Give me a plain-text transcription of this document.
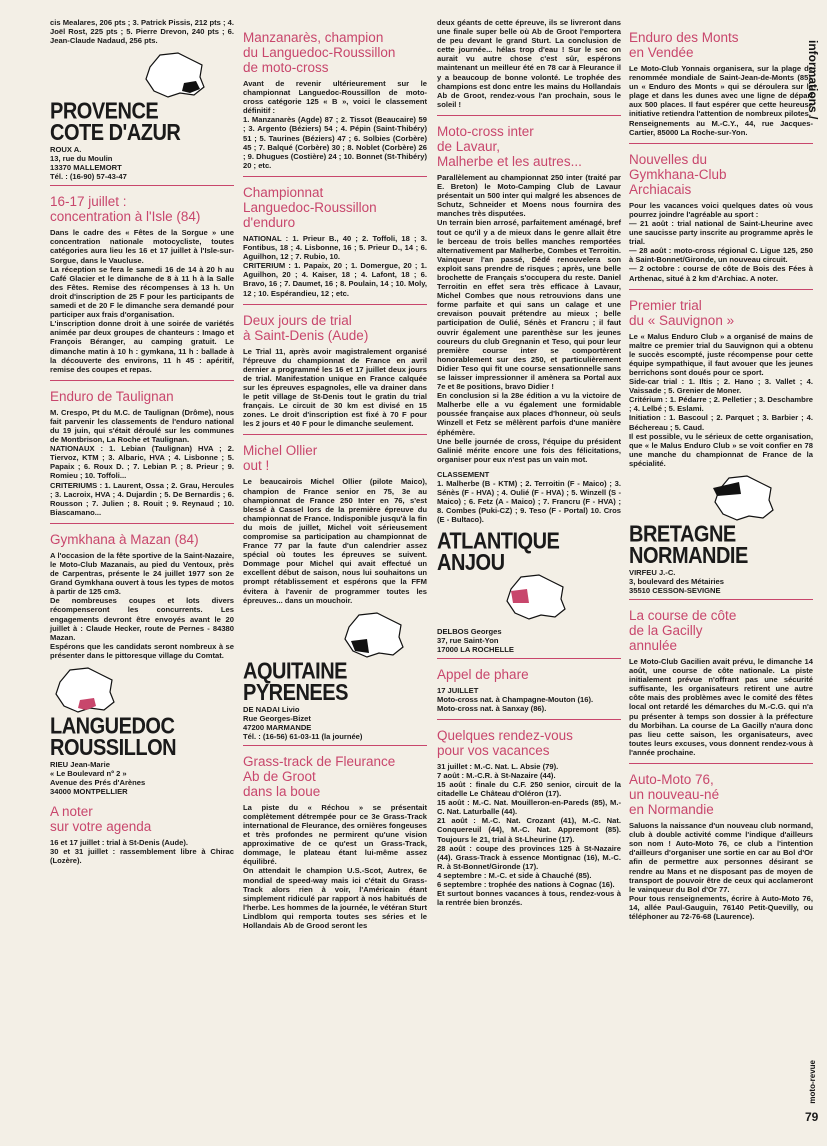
informations /
moto-revue
79

cis Mealares, 206 pts ; 3. Patrick Pissis, 212 pts ; 4. Joël Rost, 225 pts ; 5. Pierre Drevon, 240 pts ; 6. Jean-Claude Nadaud, 256 pts.

PROVENCE
COTE D'AZUR
ROUX A.
13, rue du Moulin
13370 MALLEMORT
Tél. : (16-90) 57-43-47
16-17 juillet :
concentration à l'Isle (84)

Dans le cadre des « Fêtes de la Sorgue » une concentration nationale motocycliste, toutes catégories aura lieu les 16 et 17 juillet à l'Isle-sur-Sorgue, dans le Vaucluse.
La réception se fera le samedi 16 de 14 à 20 h au Café Glacier et le dimanche de 8 à 11 h à la Salle des Fêtes. Remise des récompenses à 13 h. Un droit d'inscription de 25 F pour les participants de samedi et de 20 F le dimanche sera demandé pour participer aux frais d'organisation.
L'inscription donne droit à une soirée de variétés animée par deux groupes de chanteurs : Imago et François Béranger, au camping gratuit. Le dimanche matin à 10 h : gymkana, 11 h : ballade à la découverte des environs, 11 h 45 : apéritif, remise des coupes et repas.

Enduro de Taulignan

M. Crespo, Pt du M.C. de Taulignan (Drôme), nous fait parvenir les classements de l'enduro national du 19 juin, qui s'était déroulé sur les communes de Montbrison, La Roche et Taulignan.
NATIONAUX : 1. Lebian (Taulignan) HVA ; 2. Tiervoz, KTM ; 3. Albaric, HVA ; 4. Lisbonne ; 5. Papaix ; 6. Roux D. ; 7. Lebian P. ; 8. Prieur ; 9. Romieu ; 10. Toffoli...
CRITERIUMS : 1. Laurent, Ossa ; 2. Grau, Hercules ; 3. Lacroix, HVA ; 4. Dujardin ; 5. De Bernardis ; 6. Rousson ; 7. Julien ; 8. Rouit ; 9. Reynaud ; 10. Biascamano...

Gymkhana à Mazan (84)

A l'occasion de la fête sportive de la Saint-Nazaire, le Moto-Club Mazanais, au pied du Ventoux, près de Carpentras, présente le 24 juillet 1977 son 2e Grand Gymkhana ouvert à tous les types de motos à partir de 125 cm3.
De nombreuses coupes et lots divers récompenseront les concurrents. Les engagements devront être envoyés avant le 20 juillet à : Claude Hecker, route de Pernes - 84380 Mazan.
Espérons que les candidats seront nombreux à se présenter dans le pittoresque village du Comtat.

LANGUEDOC
ROUSSILLON
RIEU Jean-Marie
« Le Boulevard nº 2 »
Avenue des Prés d'Arènes
34000 MONTPELLIER
A noter
sur votre agenda

16 et 17 juillet : trial à St-Denis (Aude).
30 et 31 juillet : rassemblement libre à Chirac (Lozère).

Manzanarès, champion
du Languedoc-Roussillon
de moto-cross

Avant de revenir ultérieurement sur le championnat Languedoc-Roussillon de moto-cross catégorie 125 « B », voici le classement définitif :
1. Manzanarès (Agde) 87 ; 2. Tissot (Beaucaire) 59 ; 3. Argento (Béziers) 54 ; 4. Pépin (Saint-Thibéry) 51 ; 5. Taurines (Béziers) 47 ; 6. Solbies (Corbère) 45 ; 7. Balqué (Corbère) 30 ; 8. Noblet (Corbère) 26 ; 9. Dhugues (Costière) 24 ; 10. Bonnet (St-Thibéry) 20 ; etc.

Championnat
Languedoc-Roussillon
d'enduro

NATIONAL : 1. Prieur B., 40 ; 2. Toffoli, 18 ; 3. Fontibus, 18 ; 4. Lisbonne, 16 ; 5. Prieur D., 14 ; 6. Aguilhon, 12 ; 7. Rubio, 10.
CRITERIUM : 1. Papaix, 20 ; 1. Domergue, 20 ; 1. Aguilhon, 20 ; 4. Kaiser, 18 ; 4. Lafont, 18 ; 6. Bravo, 16 ; 7. Daumet, 16 ; 8. Poulain, 14 ; 10. Moly, 12 ; 10. Espérandieu, 12 ; etc.

Deux jours de trial
à Saint-Denis (Aude)

Le Trial 11, après avoir magistralement organisé l'épreuve du championnat de France en avril dernier a programmé les 16 et 17 juillet deux jours de trial. Manifestation unique en France calquée sur les épreuves espagnoles, elle va drainer dans le petit village de St-Denis tout le gratin du trial français. Le circuit de 30 km est divisé en 15 zones. Le droit d'inscription est fixé à 70 F pour les 2 jours et 40 F pour le dimanche seulement.

Michel Ollier
out !

Le beaucairois Michel Ollier (pilote Maico), champion de France senior en 75, 3e au championnat de France 250 Inter en 76, s'est blessé à Cassel lors de la première épreuve du championnat de France. Indisponible jusqu'à la fin du mois de juillet, Michel voit sérieusement compromise sa participation au championnat de France 77 par la faute d'un calendrier assez spécial où toutes les épreuves se suivent. Dommage pour Michel qui avait effectué un excellent début de saison, nous lui souhaitons un prompt rétablissement et espérons que la FFM évitera à l'avenir de programmer toutes les épreuves... dans un mouchoir.

AQUITAINE
PYRENEES
DE NADAI Livio
Rue Georges-Bizet
47200 MARMANDE
Tél. : (16-56) 61-03-11 (la journée)
Grass-track de Fleurance
Ab de Groot
dans la boue

La piste du « Réchou » se présentait complètement détrempée pour ce 3e Grass-Track international de Fleurance, des ornières fongeuses et très profondes ne permirent qu'une vision approximative de ce qu'est un Grass-Track, dommage, le plateau étant lui-même assez équilibré.
On attendait le champion U.S.-Scot, Autrex, 6e mondial de speed-way mais ici c'était du Grass-Track alors rien à voir, l'Américain étant simplement ridiculé par rapport à nos habitués de l'herbe. Les hommes de la journée, le vétéran Sturt Lindblom qui remporta toutes ses séries et le Hollandais Ab de Grood seront les

deux géants de cette épreuve, ils se livreront dans une finale super belle où Ab de Groot l'emportera de peu devant le grand Sturt. La conclusion de cette journée... hélas trop d'eau ! Sur le sec on aurait vu autre chose c'est sûr, espérons maintenant un meilleur été en 78 car à Fleurance il y a beaucoup de bonne volonté. Le trophée des champions est donc entre les mains du Hollandais Ab de Groot, rendez-vous l'an prochain, sous le soleil !

Moto-cross inter
de Lavaur,
Malherbe et les autres...

Parallèlement au championnat 250 inter (traité par E. Breton) le Moto-Camping Club de Lavaur présentait un 500 inter qui malgré les absences de Schutz, Schneider et Moens nous fournira des manches très disputées.
Un terrain bien arrosé, parfaitement aménagé, bref tout ce qu'il y a de mieux dans le genre allait être le berceau de trois belles manches remportées alternativement par Malherbe, Combes et Terroitin. Vainqueur l'an passé, Dédé renouvelera son exploit sans prendre de risques ; après, une belle brochette de Français s'occupera du reste. Daniel Terroitin en effet sera très efficace à Lavaur, Michel Combes que nous retrouvions dans une forme parfaite et qui sans un calage et une crevaison pouvait prétendre au mieux ; belle participation de Oulié, Sénès et Francru ; il faut ouvrir également une parenthèse sur les jeunes coureurs du club Gregnanin et Teso, qui pour leur première course inter se comportèrent honorablement sur des 250, et particulièrement Didier Teso qui fit une course sensationnelle sans se laisser impressionner il amènera sa Portal aux 7e et 8e positions, bravo Didier !
En conclusion si la 28e édition a vu la victoire de Malherbe elle a vu également une formidable poussée française aux places d'honneur, où seuls Winzell et Fetz se mêlèrent parfois d'une manière éphémère.
Une belle journée de cross, l'équipe du président Galinié mérite encore une fois des félicitations, organiser pour eux n'est pas un vain mot.

CLASSEMENT

1. Malherbe (B - KTM) ; 2. Terroitin (F - Maico) ; 3. Sénès (F - HVA) ; 4. Oulié (F - HVA) ; 5. Winzell (S - Maico) ; 6. Fetz (A - Maico) ; 7. Francru (F - HVA) ; 8. Combes (Puki-CZ) ; 9. Teso (F - Portal) 10. Cros (E - Bultaco).

ATLANTIQUE
ANJOU
DELBOS Georges
37, rue Saint-Yon
17000 LA ROCHELLE
Appel de phare

17 JUILLET
Moto-cross nat. à Champagne-Mouton (16).
Moto-cross nat. à Sanxay (86).

Quelques rendez-vous
pour vos vacances

31 juillet : M.-C. Nat. L. Absie (79).
7 août : M.-C.R. à St-Nazaire (44).
15 août : finale du C.F. 250 senior, circuit de la citadelle Le Château d'Oléron (17).
15 août : M.-C. Nat. Mouilleron-en-Pareds (85), M.-C. Nat. Laturballe (44).
21 août : M.-C. Nat. Crozant (41), M.-C. Nat. Conquereuil (44), M.-C. Nat. Appremont (85). Toujours le 21, trial à St-Lheurine (17).
28 août : coupe des provinces 125 à St-Nazaire (44). Grass-Track à essence Montignac (16), M.-C. R. à St-Bonnet/Gironde (17).
4 septembre : M.-C. et side à Chauché (85).
6 septembre : trophée des nations à Cognac (16).
Et surtout bonnes vacances à tous, rendez-vous à la rentrée bien bronzés.

Enduro des Monts
en Vendée

Le Moto-Club Yonnais organisera, sur la plage de renommée mondiale de Saint-Jean-de-Monts (85), un « Enduro des Monts » qui se déroulera sur la plage et dans les dunes avec une ligne de départ aux 500 places. Il faut espérer que cette heureuse initiative retiendra l'attention de nombreux pilotes.
Renseignements au M.-C.Y., 44, rue Jacques-Cartier, 85000 La Roche-sur-Yon.

Nouvelles du
Gymkhana-Club
Archiacais

Pour les vacances voici quelques dates où vous pourrez joindre l'agréable au sport :
— 21 août : trial national de Saint-Lheurine avec une saucisse party inscrite au programme après le trial.
— 28 août : moto-cross régional C. Ligue 125, 250 à Saint-Bonnet/Gironde, un nouveau circuit.
— 2 octobre : course de côte de Bois des Fées à Arthenac, situé à 2 km d'Archiac. A noter.

Premier trial
du « Sauvignon »

Le « Malus Enduro Club » a organisé de mains de maître ce premier trial du Sauvignon qui a obtenu le succès escompté, juste récompense pour cette équipe sympathique, il faut avouer que les jeunes berrichons sont doués pour ce sport.
Side-car trial : 1. Iltis ; 2. Hano ; 3. Vallet ; 4. Vaissade ; 5. Grenier de Moner.
Critérium : 1. Pédarre ; 2. Pelletier ; 3. Deschambre ; 4. Lelbé ; 5. Eslami.
Initiation : 1. Bascoul ; 2. Parquet ; 3. Barbier ; 4. Béchereau ; 5. Caud.
Il est possible, vu le sérieux de cette organisation, que « le Malus Enduro Club » se voit confier en 78 une manche du championnat de France de la spécialité.

BRETAGNE
NORMANDIE
VIRFEU J.-C.
3, boulevard des Métairies
35510 CESSON-SEVIGNE
La course de côte
de la Gacilly
annulée

Le Moto-Club Gacilien avait prévu, le dimanche 14 août, une course de côte nationale. La piste initialement prévue n'offrant pas une sécurité suffisante, les organisateurs retirent une autre côte mais des problèmes avec le comité des fêtes local ont retardé les démarches du M.-C.G. qui n'a pu présenter à temps son dossier à la préfecture du Morbihan. La course de La Gacilly n'aura donc pas lieu cette saison, les organisateurs, avec toutes leurs excuses, vous donnent rendez-vous à l'année prochaine.

Auto-Moto 76,
un nouveau-né
en Normandie

Saluons la naissance d'un nouveau club normand, club à double activité comme l'indique d'ailleurs son nom ! Auto-Moto 76, ce club a l'intention d'ailleurs d'organiser une sortie en car au Bol d'Or afin de permettre aux personnes désirant se rendre au Mans et ne disposant pas de moyen de transport de pouvoir être de ceux qui acclameront le vainqueur du Bol d'Or 77.
Pour tous renseignements, écrire à Auto-Moto 76, 14, allée Paul-Gauguin, 76140 Petit-Quevilly, ou téléphoner au 72-76-68 (Laurence).
